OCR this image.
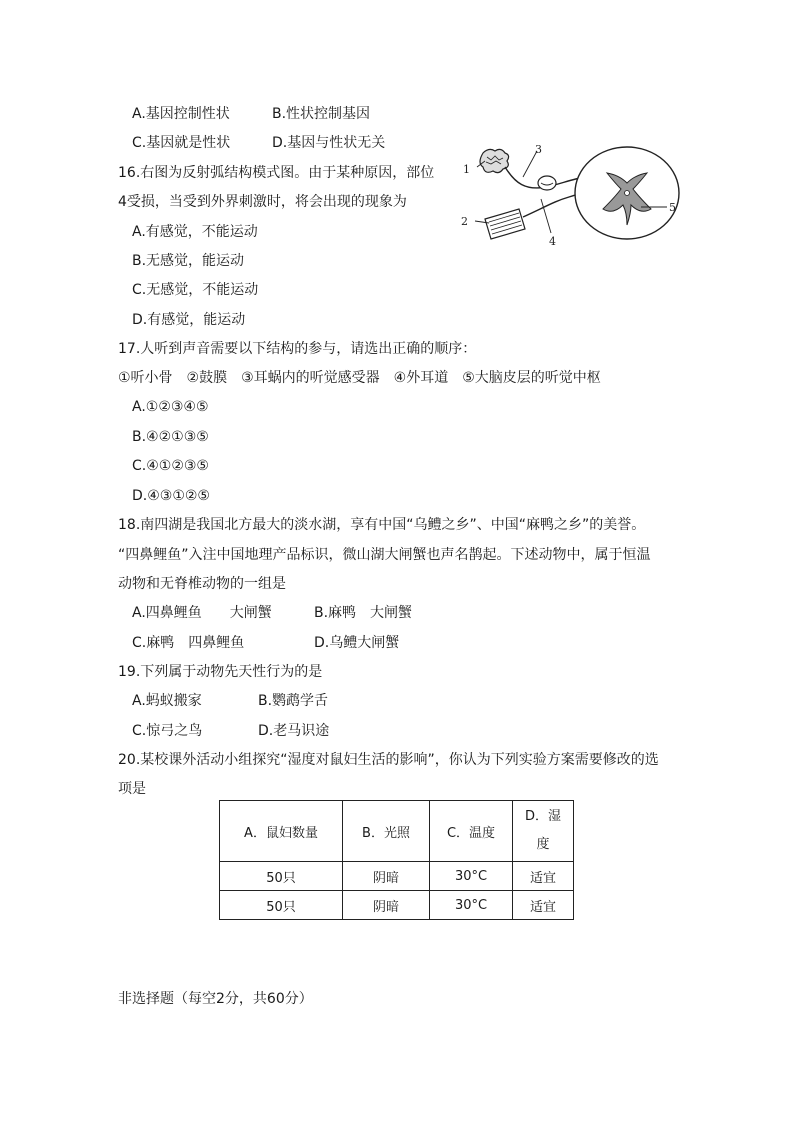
A.基因控制性状	B.性状控制基因
C.基因就是性状	D.基因与性状无关
16.右图为反射弧结构模式图。由于某种原因，部位
4受损，当受到外界刺激时，将会出现的现象为
A.有感觉，不能运动
B.无感觉，能运动
C.无感觉，不能运动
D.有感觉，能运动
1
2
3
4
5
17.人听到声音需要以下结构的参与，请选出正确的顺序：
①听小骨　②鼓膜　③耳蜗内的听觉感受器　④外耳道　⑤大脑皮层的听觉中枢
A.①②③④⑤
B.④②①③⑤
C.④①②③⑤
D.④③①②⑤
18.南四湖是我国北方最大的淡水湖，享有中国“乌鳢之乡”、中国“麻鸭之乡”的美誉。
“四鼻鲤鱼”入注中国地理产品标识，微山湖大闸蟹也声名鹊起。下述动物中，属于恒温
动物和无脊椎动物的一组是
A.四鼻鲤鱼　　大闸蟹	B.麻鸭　大闸蟹
C.麻鸭　四鼻鲤鱼	D.乌鳢大闸蟹
19.下列属于动物先天性行为的是
A.蚂蚁搬家	B.鹦鹉学舌
C.惊弓之鸟	D.老马识途
20.某校课外活动小组探究“湿度对鼠妇生活的影响”，你认为下列实验方案需要修改的选
项是
A．鼠妇数量	B．光照	C．温度	D．湿
度
50只	阴暗	30°C	适宜
50只	阴暗	30°C	适宜
非选择题（每空2分，共60分）
